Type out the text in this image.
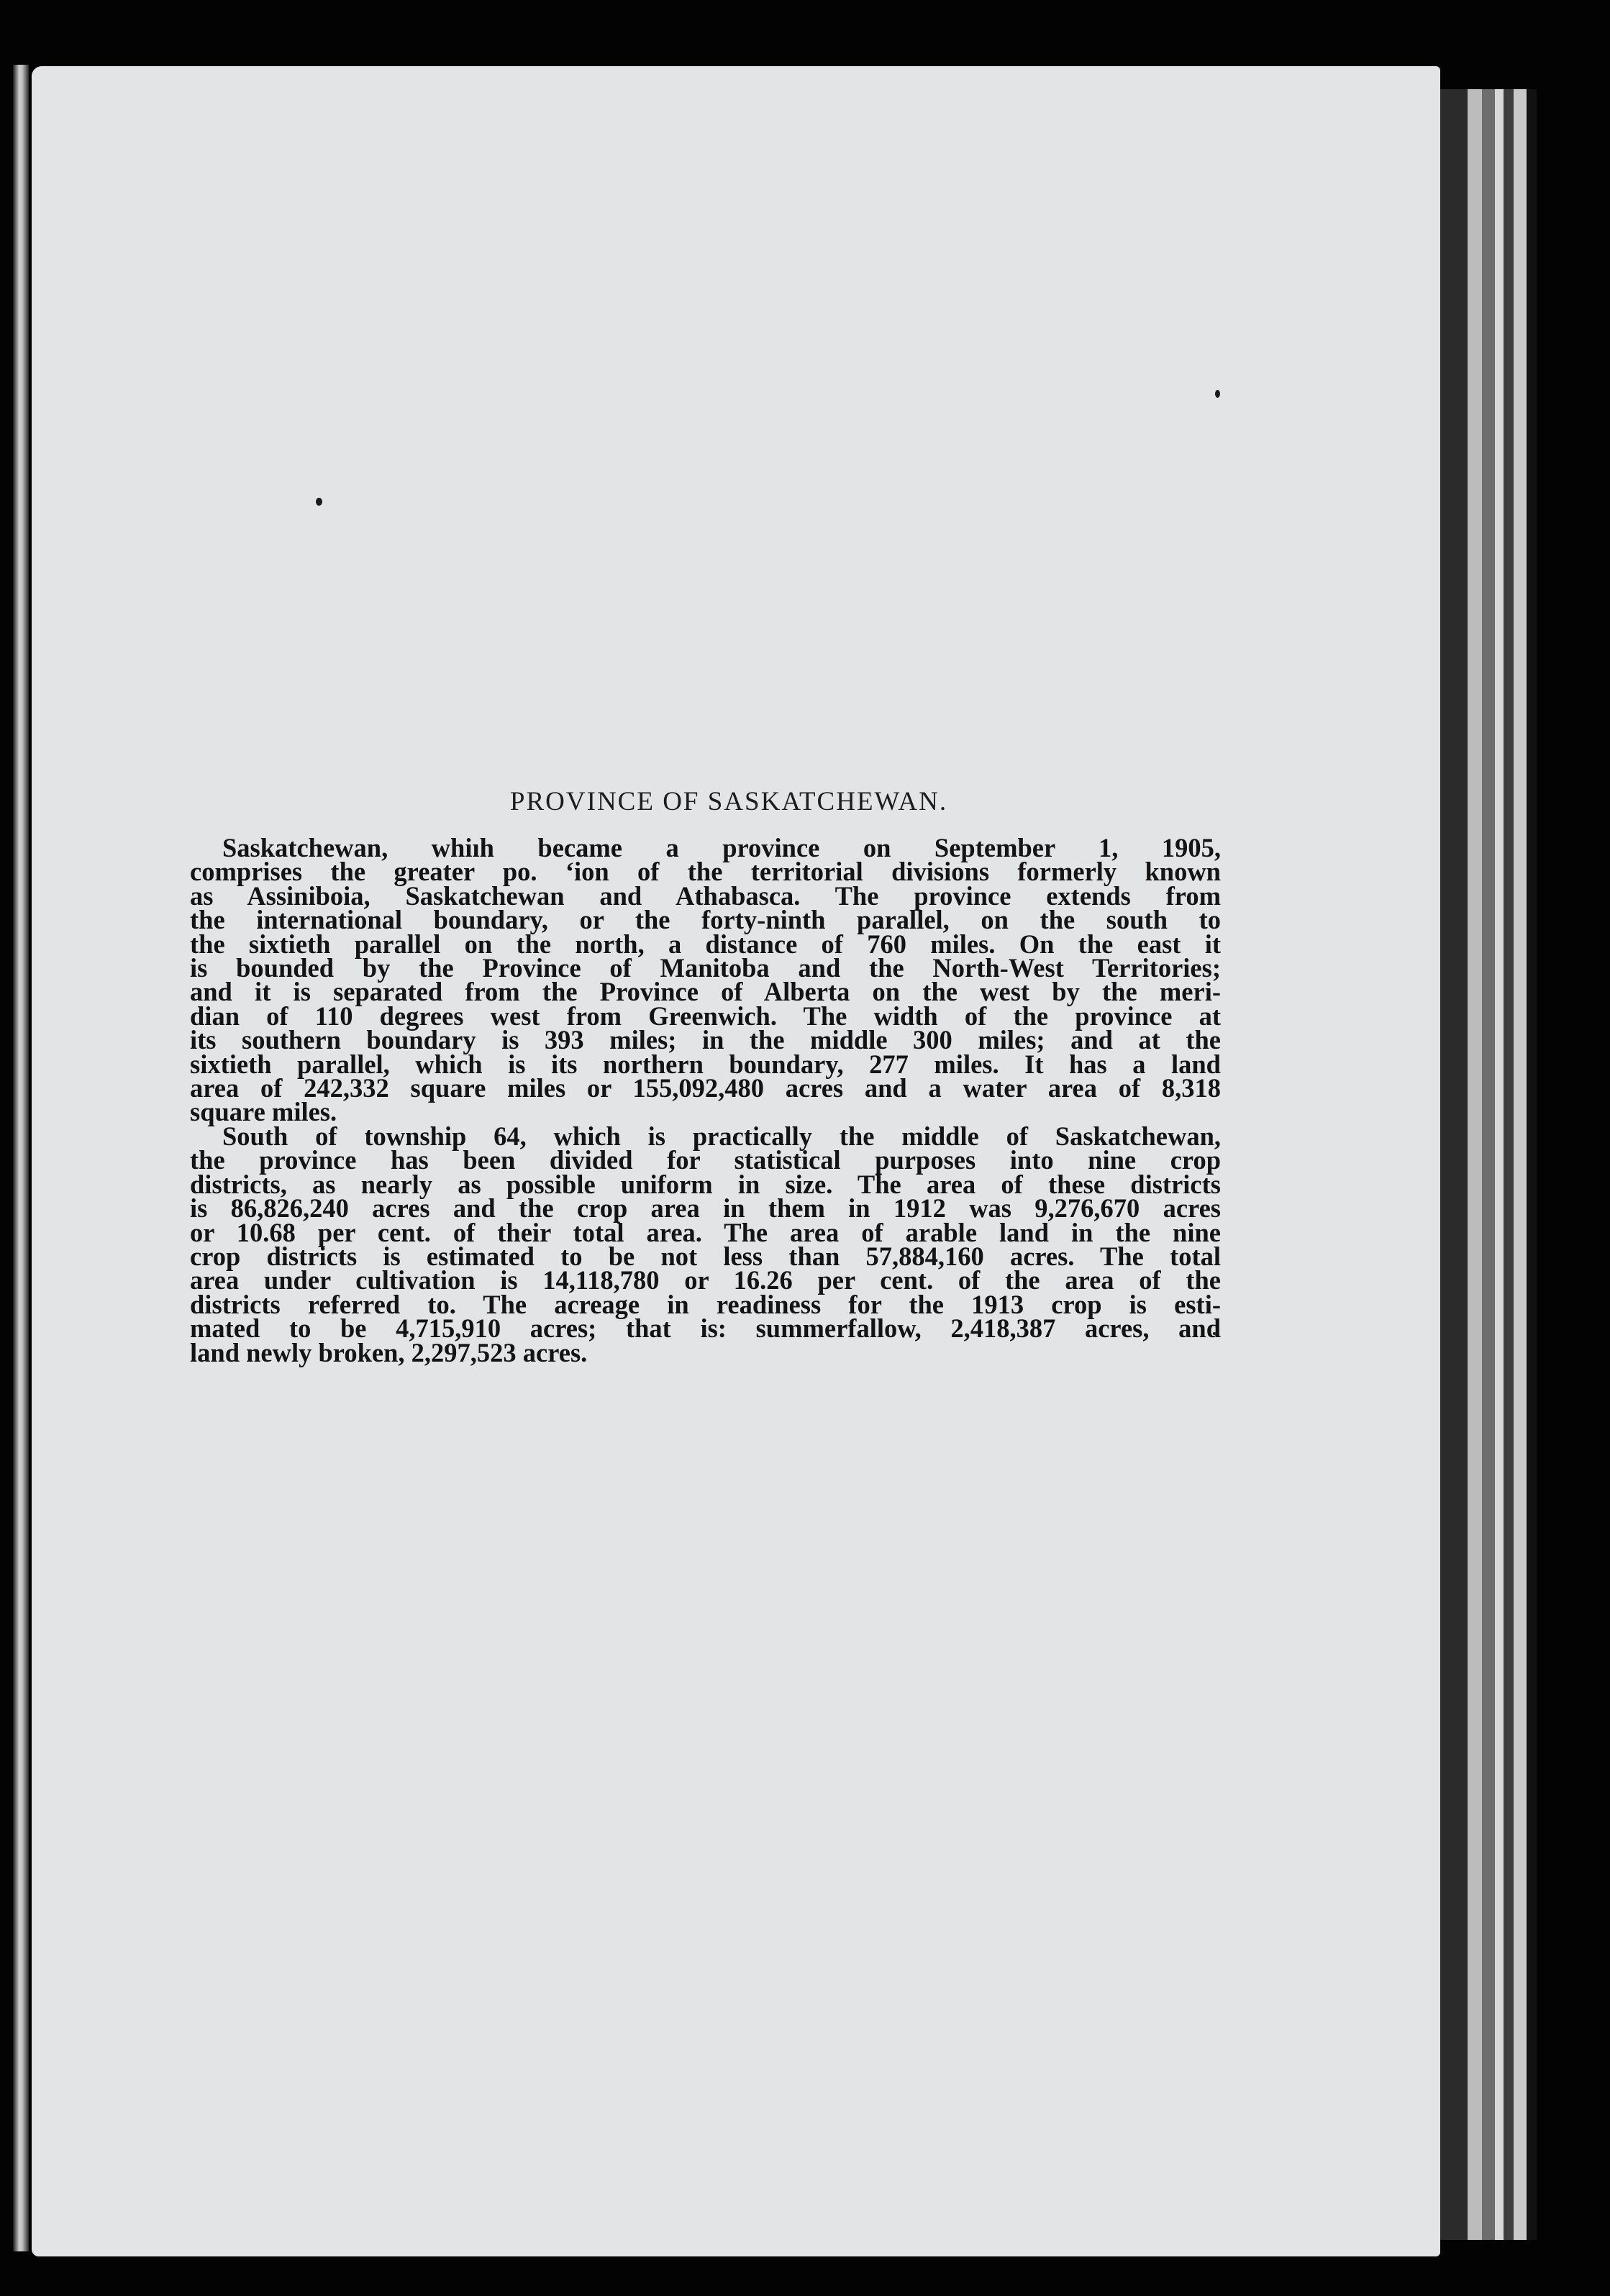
PROVINCE OF SASKATCHEWAN.
Saskatchewan, whiıh became a province on September 1, 1905,
comprises the greater po. ‘ion of the territorial divisions formerly known
as Assiniboia, Saskatchewan and Athabasca. The province extends from
the international boundary, or the forty-ninth parallel, on the south to
the sixtieth parallel on the north, a distance of 760 miles. On the east it
is bounded by the Province of Manitoba and the North-West Territories;
and it is separated from the Province of Alberta on the west by the meri-
dian of 110 degrees west from Greenwich. The width of the province at
its southern boundary is 393 miles; in the middle 300 miles; and at the
sixtieth parallel, which is its northern boundary, 277 miles. It has a land
area of 242,332 square miles or 155,092,480 acres and a water area of 8,318
square miles.
South of township 64, which is practically the middle of Saskatchewan,
the province has been divided for statistical purposes into nine crop
districts, as nearly as possible uniform in size. The area of these districts
is 86,826,240 acres and the crop area in them in 1912 was 9,276,670 acres
or 10.68 per cent. of their total area. The area of arable land in the nine
crop districts is estimated to be not less than 57,884,160 acres. The total
area under cultivation is 14,118,780 or 16.26 per cent. of the area of the
districts referred to. The acreage in readiness for the 1913 crop is esti-
mated to be 4,715,910 acres; that is: summerfallow, 2,418,387 acres, and
land newly broken, 2,297,523 acres.
